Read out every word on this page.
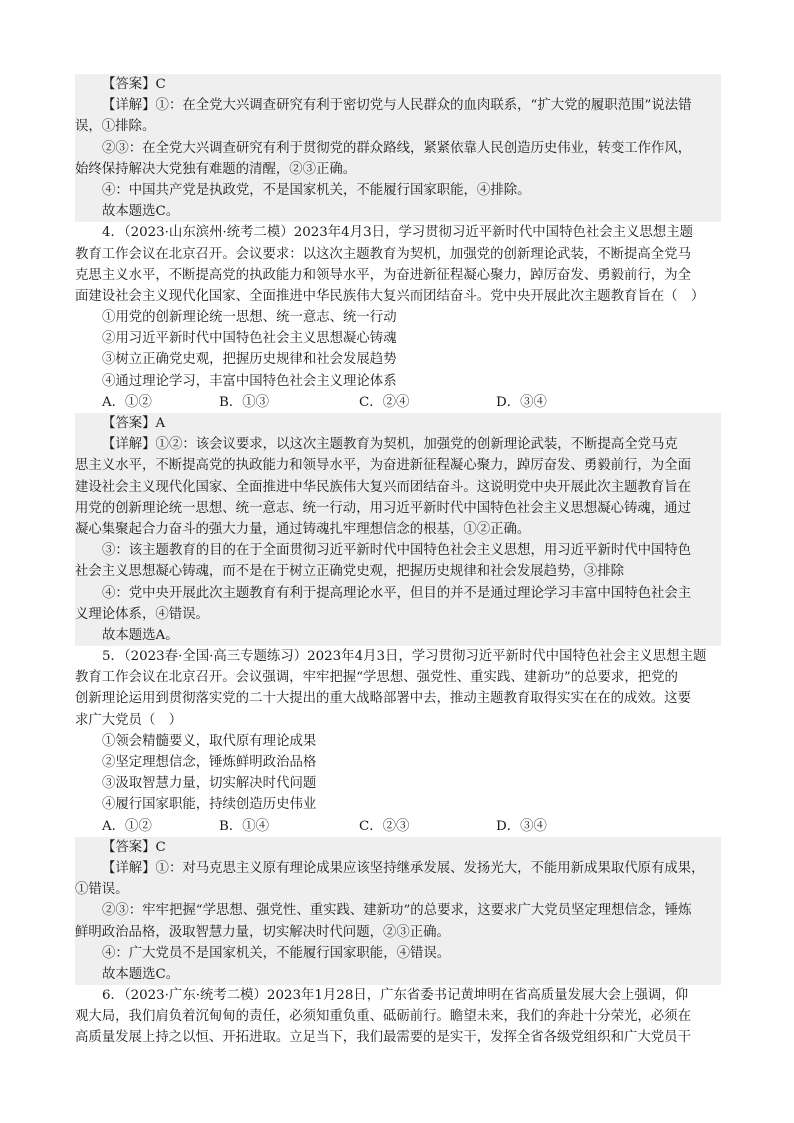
【答案】C
【详解】①：在全党大兴调查研究有利于密切党与人民群众的血肉联系，“扩大党的履职范围”说法错
误，①排除。
②③：在全党大兴调查研究有利于贯彻党的群众路线，紧紧依靠人民创造历史伟业，转变工作作风，
始终保持解决大党独有难题的清醒，②③正确。
④：中国共产党是执政党，不是国家机关，不能履行国家职能，④排除。
故本题选C。
4．（2023·山东滨州·统考二模）2023年4月3日，学习贯彻习近平新时代中国特色社会主义思想主题
教育工作会议在北京召开。会议要求：以这次主题教育为契机，加强党的创新理论武装，不断提高全党马
克思主义水平，不断提高党的执政能力和领导水平，为奋进新征程凝心聚力，踔厉奋发、勇毅前行，为全
面建设社会主义现代化国家、全面推进中华民族伟大复兴而团结奋斗。党中央开展此次主题教育旨在（　）
①用党的创新理论统一思想、统一意志、统一行动
②用习近平新时代中国特色社会主义思想凝心铸魂
③树立正确党史观，把握历史规律和社会发展趋势
④通过理论学习，丰富中国特色社会主义理论体系
A．①②	B．①③	C．②④	D．③④
【答案】A
【详解】①②：该会议要求，以这次主题教育为契机，加强党的创新理论武装，不断提高全党马克
思主义水平，不断提高党的执政能力和领导水平，为奋进新征程凝心聚力，踔厉奋发、勇毅前行，为全面
建设社会主义现代化国家、全面推进中华民族伟大复兴而团结奋斗。这说明党中央开展此次主题教育旨在
用党的创新理论统一思想、统一意志、统一行动，用习近平新时代中国特色社会主义思想凝心铸魂，通过
凝心集聚起合力奋斗的强大力量，通过铸魂扎牢理想信念的根基，①②正确。
③：该主题教育的目的在于全面贯彻习近平新时代中国特色社会主义思想，用习近平新时代中国特色
社会主义思想凝心铸魂，而不是在于树立正确党史观，把握历史规律和社会发展趋势，③排除
④：党中央开展此次主题教育有利于提高理论水平，但目的并不是通过理论学习丰富中国特色社会主
义理论体系，④错误。
故本题选A。
5．（2023春·全国·高三专题练习）2023年4月3日，学习贯彻习近平新时代中国特色社会主义思想主题
教育工作会议在北京召开。会议强调，牢牢把握“学思想、强党性、重实践、建新功”的总要求，把党的
创新理论运用到贯彻落实党的二十大提出的重大战略部署中去，推动主题教育取得实实在在的成效。这要
求广大党员（　）
①领会精髓要义，取代原有理论成果
②坚定理想信念，锤炼鲜明政治品格
③汲取智慧力量，切实解决时代问题
④履行国家职能，持续创造历史伟业
A．①②	B．①④	C．②③	D．③④
【答案】C
【详解】①：对马克思主义原有理论成果应该坚持继承发展、发扬光大，不能用新成果取代原有成果，
①错误。
②③：牢牢把握“学思想、强党性、重实践、建新功”的总要求，这要求广大党员坚定理想信念，锤炼
鲜明政治品格，汲取智慧力量，切实解决时代问题，②③正确。
④：广大党员不是国家机关，不能履行国家职能，④错误。
故本题选C。
6．（2023·广东·统考二模）2023年1月28日，广东省委书记黄坤明在省高质量发展大会上强调，仰
观大局，我们肩负着沉甸甸的责任，必须知重负重、砥砺前行。瞻望未来，我们的奔赴十分荣光，必须在
高质量发展上持之以恒、开拓进取。立足当下，我们最需要的是实干，发挥全省各级党组织和广大党员干
